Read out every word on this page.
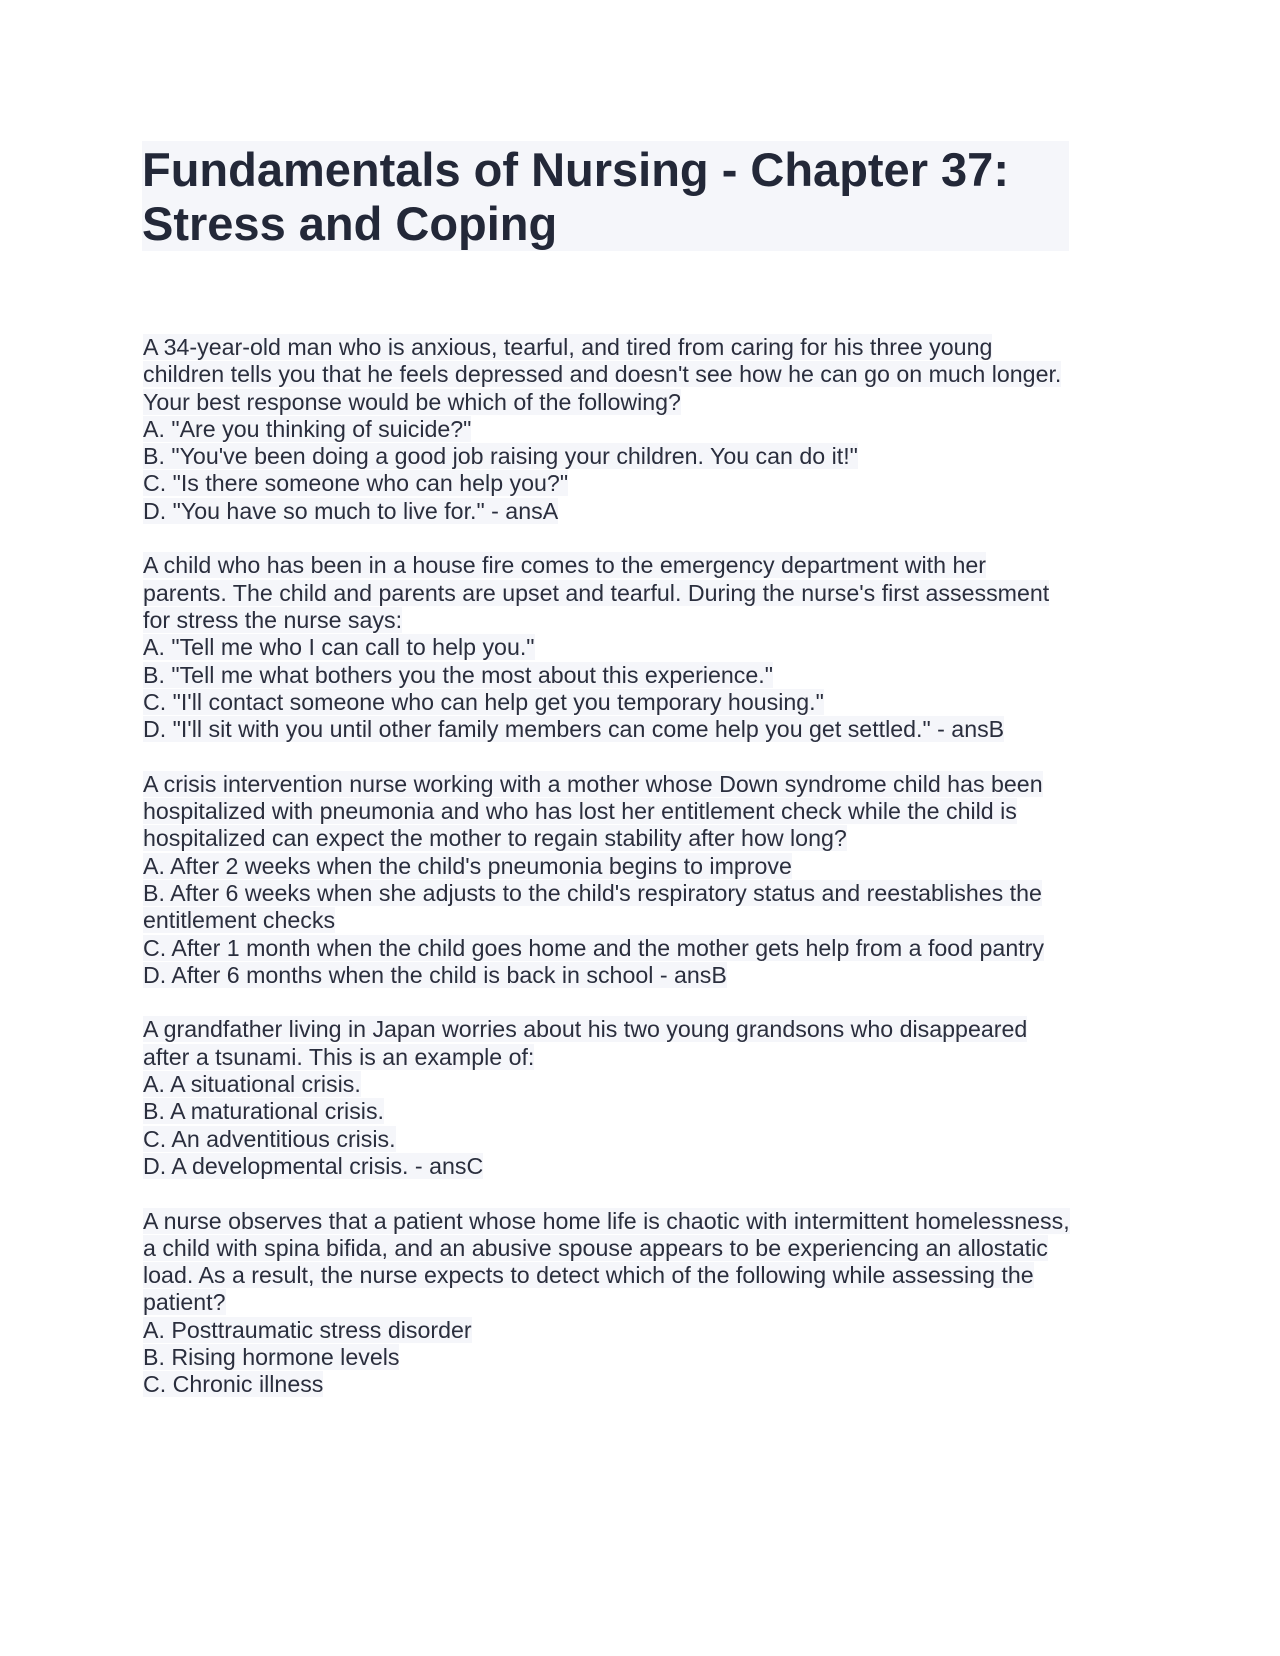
Fundamentals of Nursing - Chapter 37: Stress and Coping
A 34-year-old man who is anxious, tearful, and tired from caring for his three young children tells you that he feels depressed and doesn't see how he can go on much longer. Your best response would be which of the following?
A. "Are you thinking of suicide?"
B. "You've been doing a good job raising your children. You can do it!"
C. "Is there someone who can help you?"
D. "You have so much to live for." - ansA
A child who has been in a house fire comes to the emergency department with her parents. The child and parents are upset and tearful. During the nurse's first assessment for stress the nurse says:
A. "Tell me who I can call to help you."
B. "Tell me what bothers you the most about this experience."
C. "I'll contact someone who can help get you temporary housing."
D. "I'll sit with you until other family members can come help you get settled." - ansB
A crisis intervention nurse working with a mother whose Down syndrome child has been hospitalized with pneumonia and who has lost her entitlement check while the child is hospitalized can expect the mother to regain stability after how long?
A. After 2 weeks when the child's pneumonia begins to improve
B. After 6 weeks when she adjusts to the child's respiratory status and reestablishes the entitlement checks
C. After 1 month when the child goes home and the mother gets help from a food pantry
D. After 6 months when the child is back in school - ansB
A grandfather living in Japan worries about his two young grandsons who disappeared after a tsunami. This is an example of:
A. A situational crisis.
B. A maturational crisis.
C. An adventitious crisis.
D. A developmental crisis. - ansC
A nurse observes that a patient whose home life is chaotic with intermittent homelessness, a child with spina bifida, and an abusive spouse appears to be experiencing an allostatic load. As a result, the nurse expects to detect which of the following while assessing the patient?
A. Posttraumatic stress disorder
B. Rising hormone levels
C. Chronic illness
